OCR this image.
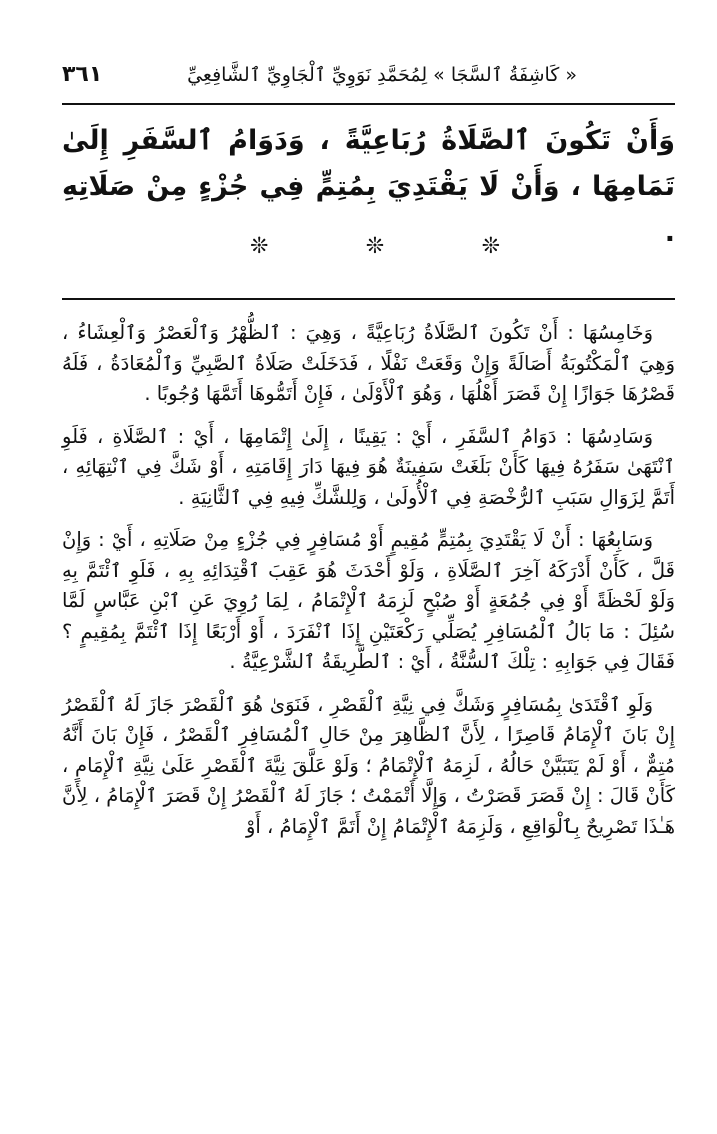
« كَاشِفَةُ ٱلسَّجَا » لِمُحَمَّدِ نَوَوِيِّ ٱلْجَاوِيِّ ٱلشَّافِعِيِّ
٣٦١
وَأَنْ تَكُونَ ٱلصَّلَاةُ رُبَاعِيَّةً ، وَدَوَامُ ٱلسَّفَرِ إِلَىٰ تَمَامِهَا ، وَأَنْ لَا يَقْتَدِيَ بِمُتِمٍّ فِي جُزْءٍ مِنْ صَلَاتِهِ .
❊
❊
❊

وَخَامِسُهَا : أَنْ تَكُونَ ٱلصَّلَاةُ رُبَاعِيَّةً ، وَهِيَ : ٱلظُّهْرُ وَٱلْعَصْرُ وَٱلْعِشَاءُ ، وَهِيَ ٱلْمَكْتُوبَةُ أَصَالَةً وَإِنْ وَقَعَتْ نَفْلًا ، فَدَخَلَتْ صَلَاةُ ٱلصَّبِيِّ وَٱلْمُعَادَةُ ، فَلَهُ قَصْرُهَا جَوَازًا إِنْ قَصَرَ أَهْلُهَا ، وَهُوَ ٱلْأَوْلَىٰ ، فَإِنْ أَتَمُّوهَا أَتَمَّهَا وُجُوبًا .

وَسَادِسُهَا : دَوَامُ ٱلسَّفَرِ ، أَيْ : يَقِينًا ، إِلَىٰ إِتْمَامِهَا ، أَيْ : ٱلصَّلَاةِ ، فَلَوِ ٱنْتَهَىٰ سَفَرُهُ فِيهَا كَأَنْ بَلَغَتْ سَفِينَةٌ هُوَ فِيهَا دَارَ إِقَامَتِهِ ، أَوْ شَكَّ فِي ٱنْتِهَائِهِ ، أَتَمَّ لِزَوَالِ سَبَبِ ٱلرُّخْصَةِ فِي ٱلْأُولَىٰ ، وَلِلشَّكِّ فِيهِ فِي ٱلثَّانِيَةِ .

وَسَابِعُهَا : أَنْ لَا يَقْتَدِيَ بِمُتِمٍّ مُقِيمٍ أَوْ مُسَافِرٍ فِي جُزْءٍ مِنْ صَلَاتِهِ ، أَيْ : وَإِنْ قَلَّ ، كَأَنْ أَدْرَكَهُ آخِرَ ٱلصَّلَاةِ ، وَلَوْ أَحْدَثَ هُوَ عَقِبَ ٱقْتِدَائِهِ بِهِ ، فَلَوِ ٱئْتَمَّ بِهِ وَلَوْ لَحْظَةً أَوْ فِي جُمُعَةٍ أَوْ صُبْحٍ لَزِمَهُ ٱلْإِتْمَامُ ، لِمَا رُوِيَ عَنِ ٱبْنِ عَبَّاسٍ لَمَّا سُئِلَ : مَا بَالُ ٱلْمُسَافِرِ يُصَلِّي رَكْعَتَيْنِ إِذَا ٱنْفَرَدَ ، أَوْ أَرْبَعًا إِذَا ٱئْتَمَّ بِمُقِيمٍ ؟ فَقَالَ فِي جَوَابِهِ : تِلْكَ ٱلسُّنَّةُ ، أَيْ : ٱلطَّرِيقَةُ ٱلشَّرْعِيَّةُ .

وَلَوِ ٱقْتَدَىٰ بِمُسَافِرٍ وَشَكَّ فِي نِيَّةِ ٱلْقَصْرِ ، فَنَوَىٰ هُوَ ٱلْقَصْرَ جَازَ لَهُ ٱلْقَصْرُ إِنْ بَانَ ٱلْإِمَامُ قَاصِرًا ، لِأَنَّ ٱلظَّاهِرَ مِنْ حَالِ ٱلْمُسَافِرِ ٱلْقَصْرُ ، فَإِنْ بَانَ أَنَّهُ مُتِمٌّ ، أَوْ لَمْ يَتَبَيَّنْ حَالُهُ ، لَزِمَهُ ٱلْإِتْمَامُ ؛ وَلَوْ عَلَّقَ نِيَّةَ ٱلْقَصْرِ عَلَىٰ نِيَّةِ ٱلْإِمَامِ ، كَأَنْ قَالَ : إِنْ قَصَرَ قَصَرْتُ ، وَإِلَّا أَتْمَمْتُ ؛ جَازَ لَهُ ٱلْقَصْرُ إِنْ قَصَرَ ٱلْإِمَامُ ، لِأَنَّ هَـٰذَا تَصْرِيحٌ بِٱلْوَاقِعِ ، وَلَزِمَهُ ٱلْإِتْمَامُ إِنْ أَتَمَّ ٱلْإِمَامُ ، أَوْ
